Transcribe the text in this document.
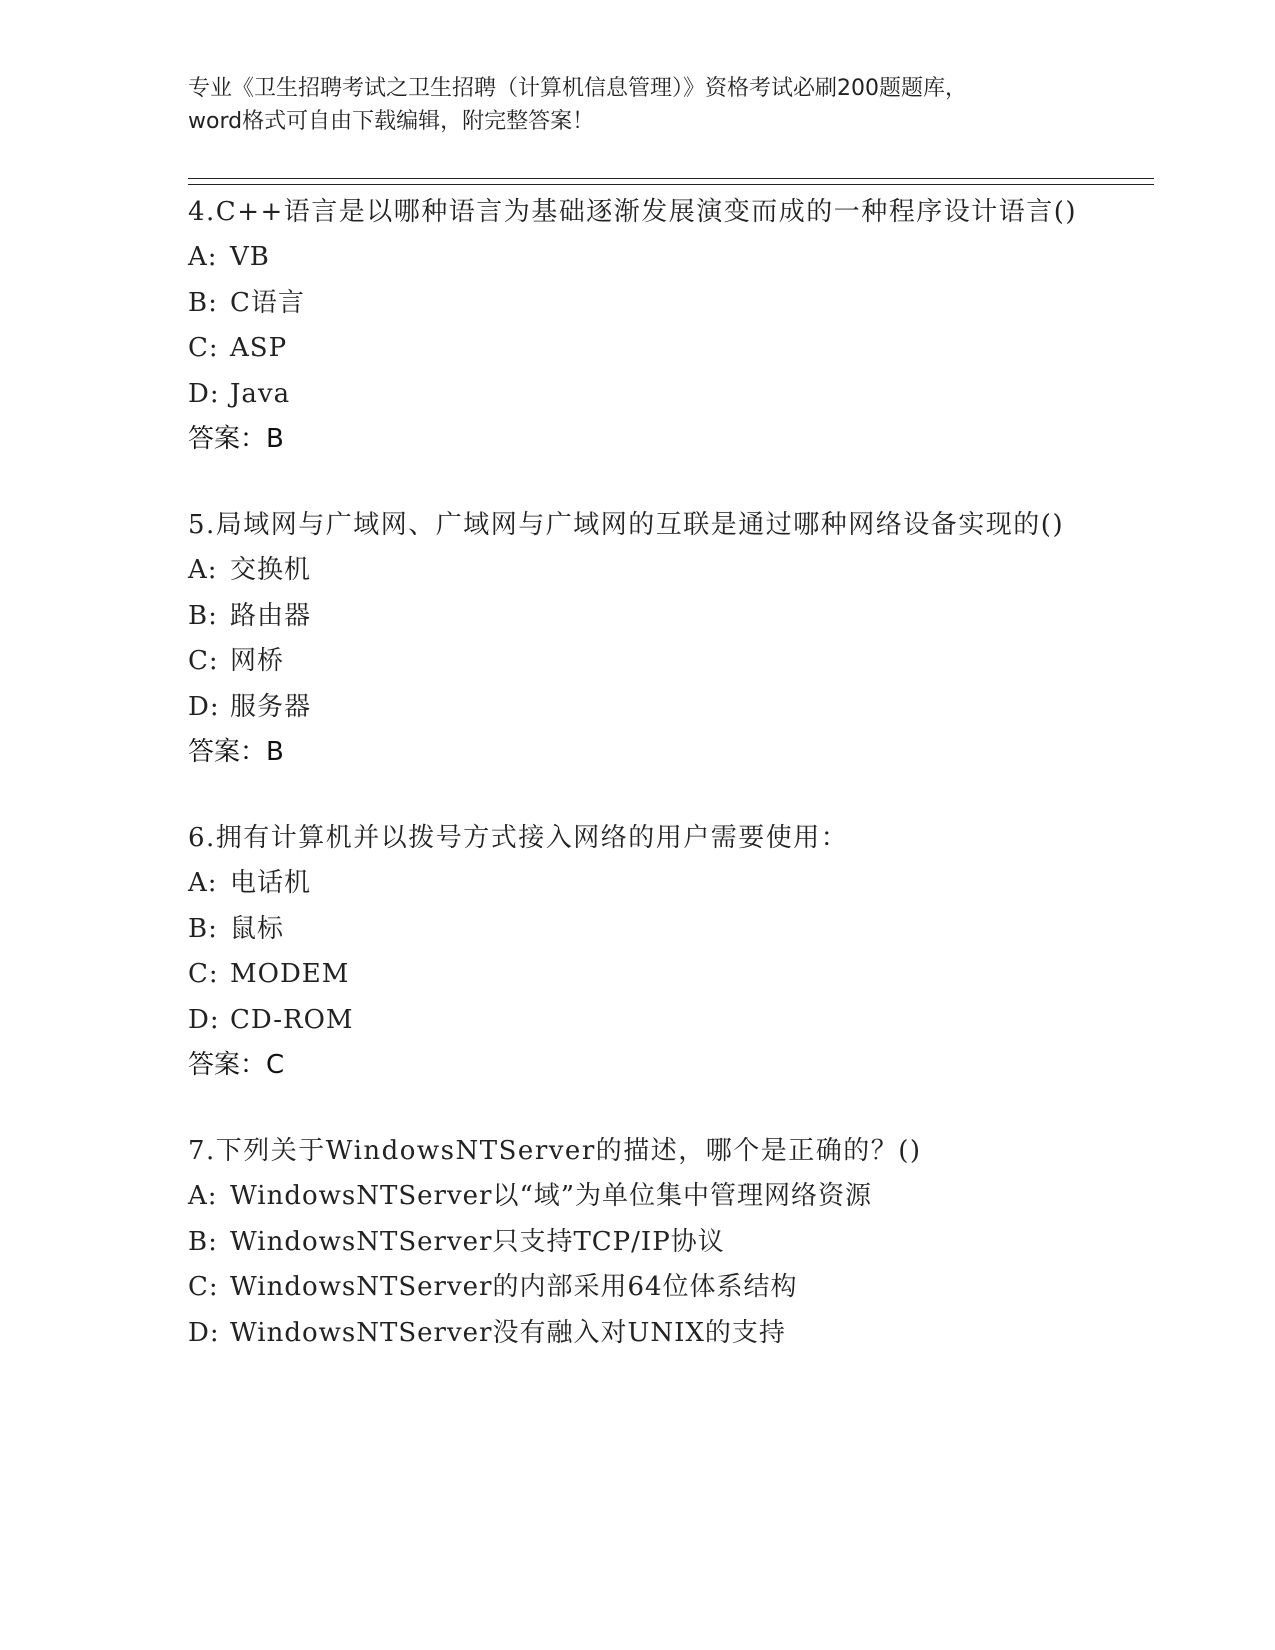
专业《卫生招聘考试之卫生招聘（计算机信息管理）》资格考试必刷200题题库，
word格式可自由下载编辑，附完整答案！

4.C++语言是以哪种语言为基础逐渐发展演变而成的一种程序设计语言()

A: VB
B: C语言
C: ASP
D: Java
答案：B

5.局域网与广域网、广域网与广域网的互联是通过哪种网络设备实现的()

A: 交换机
B: 路由器
C: 网桥
D: 服务器
答案：B

6.拥有计算机并以拨号方式接入网络的用户需要使用：

A: 电话机
B: 鼠标
C: MODEM
D: CD-ROM
答案：C

7.下列关于WindowsNTServer的描述，哪个是正确的？()

A: WindowsNTServer以“域”为单位集中管理网络资源
B: WindowsNTServer只支持TCP/IP协议
C: WindowsNTServer的内部采用64位体系结构
D: WindowsNTServer没有融入对UNIX的支持
